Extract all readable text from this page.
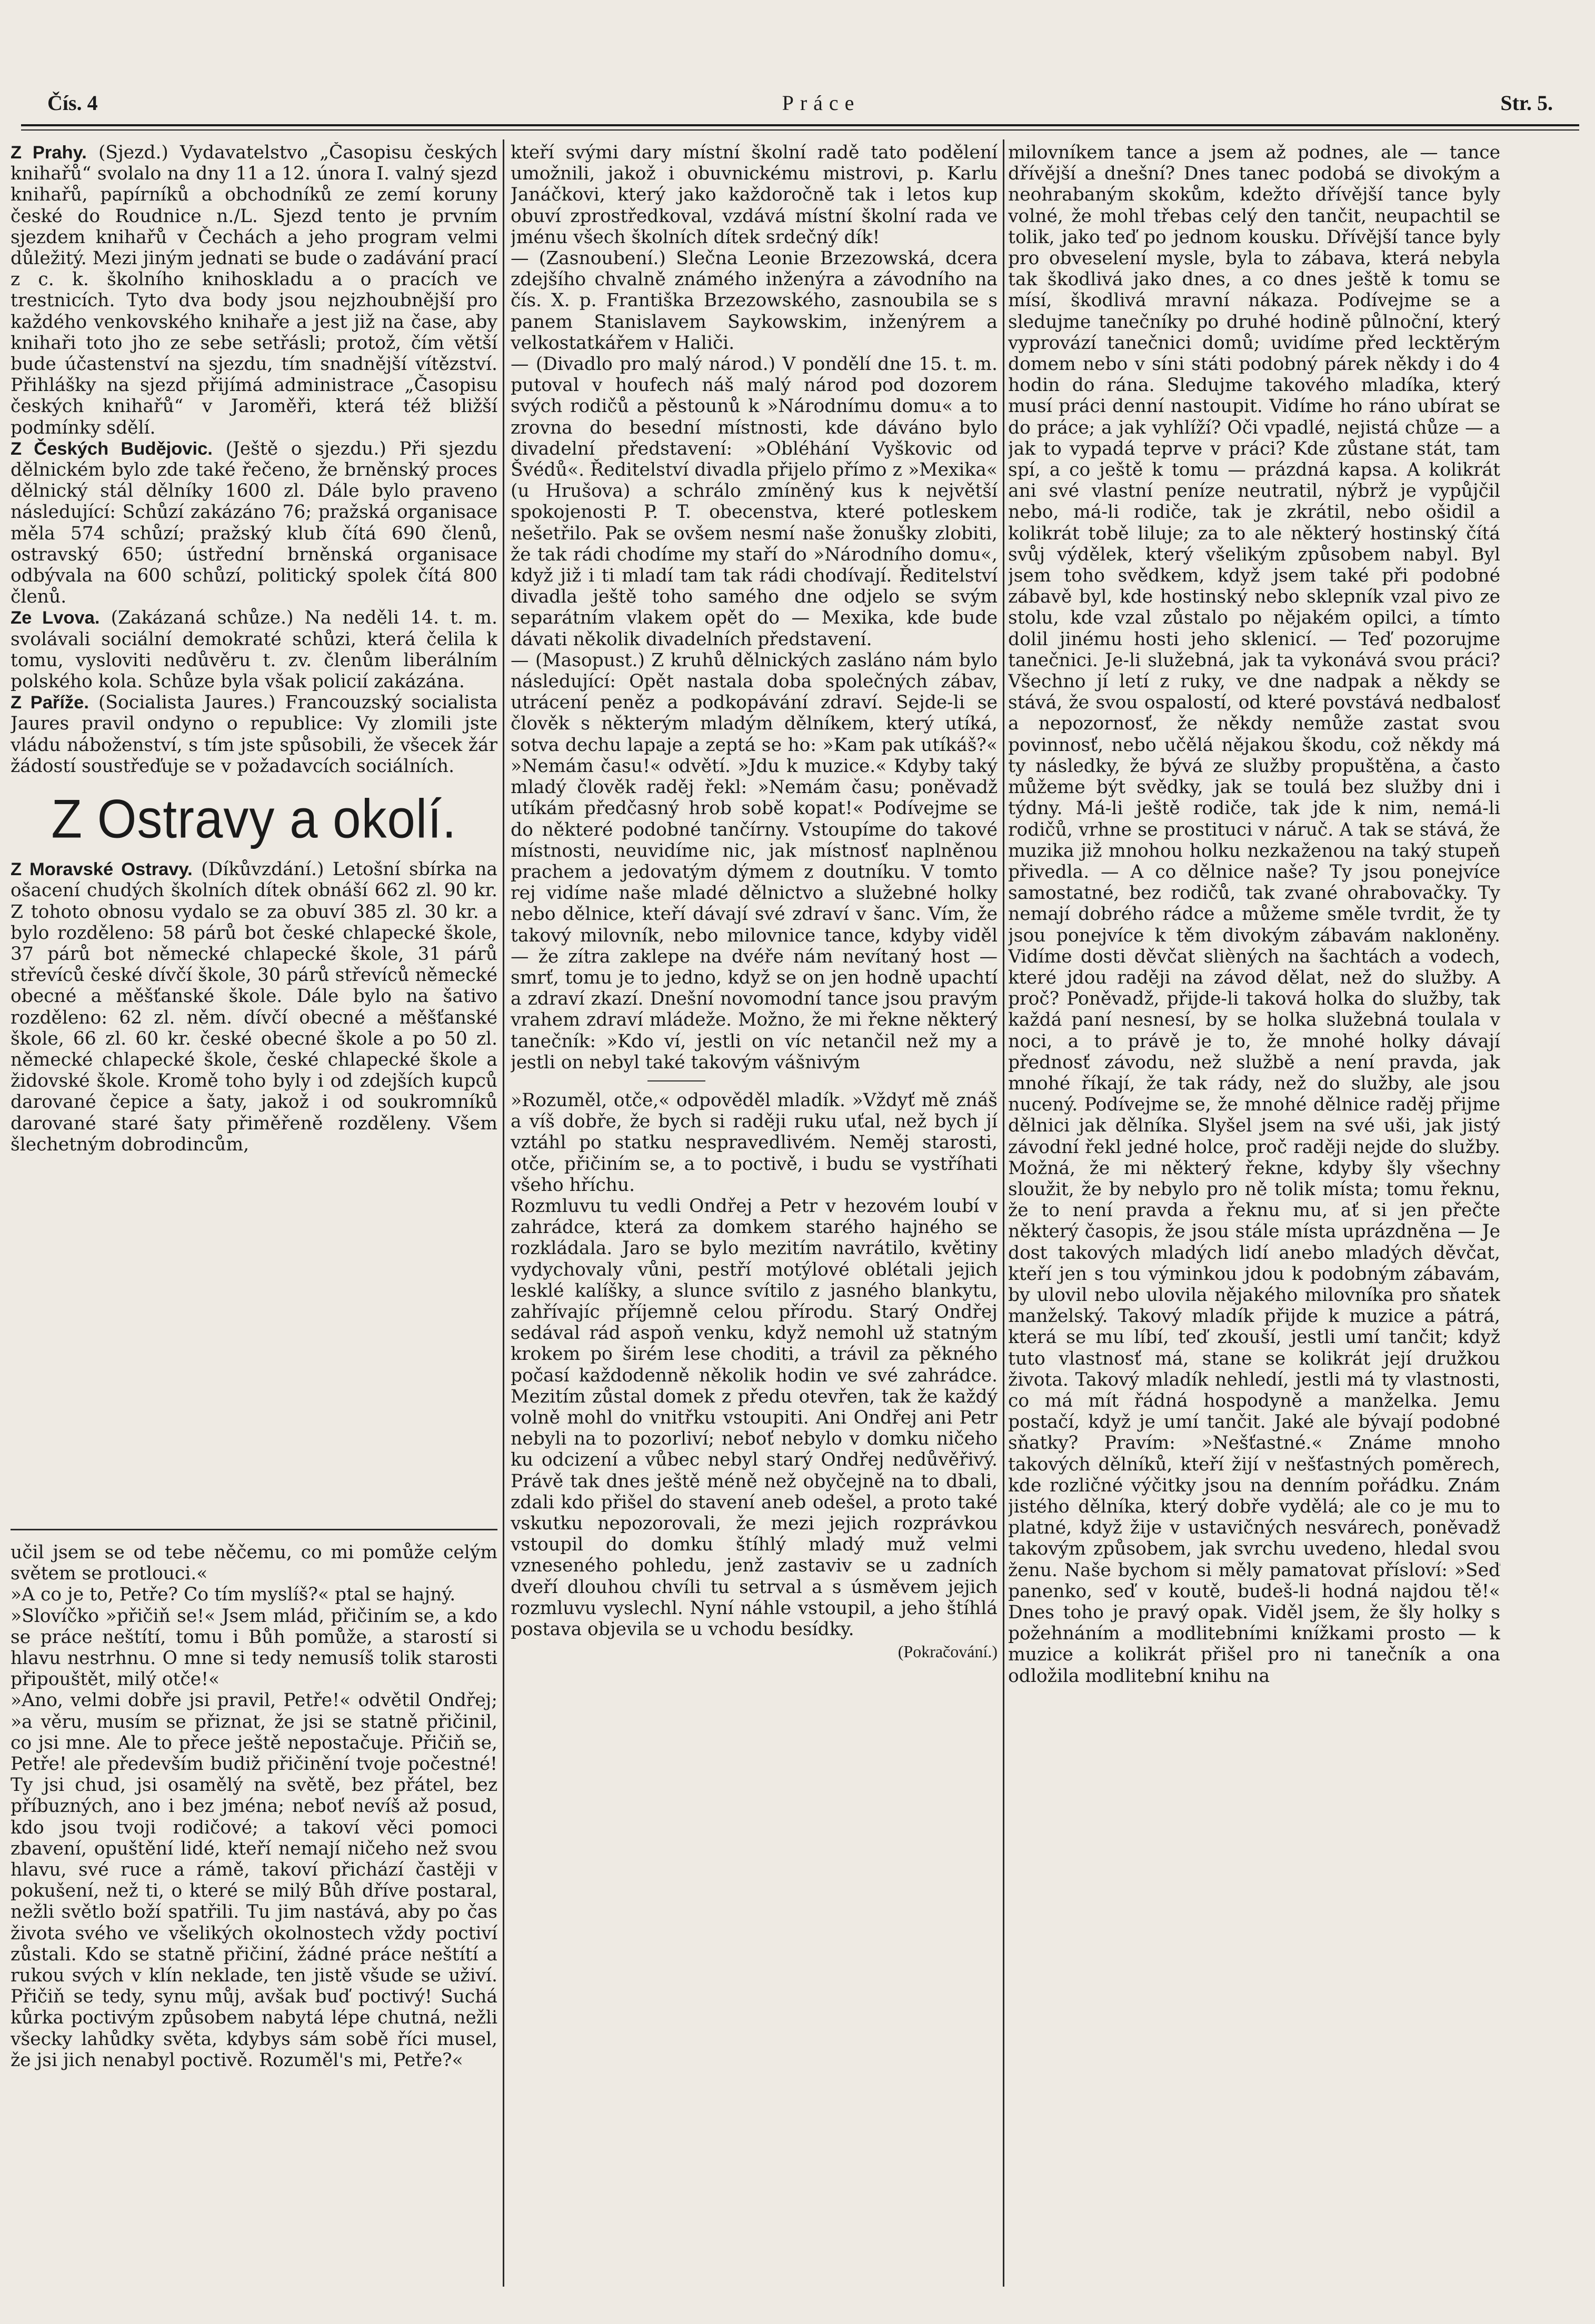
Čís. 4	Práce	Str. 5.

Z Prahy. (Sjezd.) Vydavatelstvo „Časopisu českých knihařů“ svolalo na dny 11 a 12. února I. valný sjezd knihařů, papírníků a obchodníků ze zemí koruny české do Roudnice n./L. Sjezd tento je prvním sjezdem knihařů v Čechách a jeho program velmi důležitý. Mezi jiným jednati se bude o zadávání prací z c. k. školního knihoskladu a o pracích ve trestnicích. Tyto dva body jsou nejzhoubnější pro každého venkovského knihaře a jest již na čase, aby knihaři toto jho ze sebe setřásli; protož, čím větší bude účastenství na sjezdu, tím snadnější vítězství. Přihlášky na sjezd přijímá administrace „Časopisu českých knihařů“ v Jaroměři, která též bližší podmínky sdělí.

Z Českých Budějovic. (Ještě o sjezdu.) Při sjezdu dělnickém bylo zde také řečeno, že brněnský proces dělnický stál dělníky 1600 zl. Dále bylo praveno následující: Schůzí zakázáno 76; pražská organisace měla 574 schůzí; pražský klub čítá 690 členů, ostravský 650; ústřední brněnská organisace odbývala na 600 schůzí, politický spolek čítá 800 členů.

Ze Lvova. (Zakázaná schůze.) Na neděli 14. t. m. svolávali sociální demokraté schůzi, která čelila k tomu, vysloviti nedůvěru t. zv. členům liberálním polského kola. Schůze byla však policií zakázána.

Z Paříže. (Socialista Jaures.) Francouzský socialista Jaures pravil ondyno o republice: Vy zlomili jste vládu náboženství, s tím jste spůsobili, že všecek žár žádostí soustřeďuje se v požadavcích sociálních.

Z Ostravy a okolí.

Z Moravské Ostravy. (Díkůvzdání.) Letošní sbírka na ošacení chudých školních dítek obnáší 662 zl. 90 kr. Z tohoto obnosu vydalo se za obuví 385 zl. 30 kr. a bylo rozděleno: 58 párů bot české chlapecké škole, 37 párů bot německé chlapecké škole, 31 párů střevíců české dívčí škole, 30 párů střevíců německé obecné a měšťanské škole. Dále bylo na šativo rozděleno: 62 zl. něm. dívčí obecné a měšťanské škole, 66 zl. 60 kr. české obecné škole a po 50 zl. německé chlapecké škole, české chlapecké škole a židovské škole. Kromě toho byly i od zdejších kupců darované čepice a šaty, jakož i od soukromníků darované staré šaty přiměřeně rozděleny. Všem šlechetným dobrodincům,

kteří svými dary místní školní radě tato podělení umožnili, jakož i obuvnickému mistrovi, p. Karlu Janáčkovi, který jako každoročně tak i letos kup obuví zprostředkoval, vzdává místní školní rada ve jménu všech školních dítek srdečný dík!

— (Zasnoubení.) Slečna Leonie Brzezowská, dcera zdejšího chvalně známého inženýra a závodního na čís. X. p. Františka Brzezowského, zasnoubila se s panem Stanislavem Saykowskim, inženýrem a velkostatkářem v Haliči.

— (Divadlo pro malý národ.) V pondělí dne 15. t. m. putoval v houfech náš malý národ pod dozorem svých rodičů a pěstounů k »Národnímu domu« a to zrovna do besední místnosti, kde dáváno bylo divadelní představení: »Obléhání Vyškovic od Švédů«. Ředitelství divadla přijelo přímo z »Mexika« (u Hrušova) a schrálo zmíněný kus k největší spokojenosti P. T. obecenstva, které potleskem nešetřilo. Pak se ovšem nesmí naše žonušky zlobiti, že tak rádi chodíme my staří do »Národního domu«, když již i ti mladí tam tak rádi chodívají. Ředitelství divadla ještě toho samého dne odjelo se svým separátním vlakem opět do — Mexika, kde bude dávati několik divadelních představení.

— (Masopust.) Z kruhů dělnických zasláno nám bylo následující: Opět nastala doba společných zábav, utrácení peněz a podkopávání zdraví. Sejde-li se člověk s některým mladým dělníkem, který utíká, sotva dechu lapaje a zeptá se ho: »Kam pak utíkáš?« »Nemám času!« odvětí. »Jdu k muzice.« Kdyby taký mladý člověk raděj řekl: »Nemám času; poněvadž utíkám předčasný hrob sobě kopat!« Podívejme se do některé podobné tančírny. Vstoupíme do takové místnosti, neuvidíme nic, jak místnosť naplněnou prachem a jedovatým dýmem z doutníku. V tomto rej vidíme naše mladé dělnictvo a služebné holky nebo dělnice, kteří dávají své zdraví v šanc. Vím, že takový milovník, nebo milovnice tance, kdyby viděl — že zítra zaklepe na dvéře nám nevítaný host — smrť, tomu je to jedno, když se on jen hodně upachtí a zdraví zkazí. Dnešní novomodní tance jsou pravým vrahem zdraví mládeže. Možno, že mi řekne některý tanečník: »Kdo ví, jestli on víc netančil než my a jestli on nebyl také takovým vášnivým

»Rozuměl, otče,« odpověděl mladík. »Vždyť mě znáš a víš dobře, že bych si raději ruku uťal, než bych jí vztáhl po statku nespravedlivém. Neměj starosti, otče, přičiním se, a to poctivě, i budu se vystříhati všeho hříchu.

Rozmluvu tu vedli Ondřej a Petr v hezovém loubí v zahrádce, která za domkem starého hajného se rozkládala. Jaro se bylo mezitím navrátilo, květiny vydychovaly vůni, pestří motýlové oblétali jejich lesklé kalíšky, a slunce svítilo z jasného blankytu, zahřívajíc příjemně celou přírodu. Starý Ondřej sedával rád aspoň venku, když nemohl už statným krokem po širém lese choditi, a trávil za pěkného počasí každodenně několik hodin ve své zahrádce. Mezitím zůstal domek z předu otevřen, tak že každý volně mohl do vnitřku vstoupiti. Ani Ondřej ani Petr nebyli na to pozorliví; neboť nebylo v domku ničeho ku odcizení a vůbec nebyl starý Ondřej nedůvěřivý. Právě tak dnes ještě méně než obyčejně na to dbali, zdali kdo přišel do stavení aneb odešel, a proto také vskutku nepozorovali, že mezi jejich rozprávkou vstoupil do domku štíhlý mladý muž velmi vzneseného pohledu, jenž zastaviv se u zadních dveří dlouhou chvíli tu setrval a s úsměvem jejich rozmluvu vyslechl. Nyní náhle vstoupil, a jeho štíhlá postava objevila se u vchodu besídky.

(Pokračování.)

milovníkem tance a jsem až podnes, ale — tance dřívější a dnešní? Dnes tanec podobá se divokým a neohrabaným skokům, kdežto dřívější tance byly volné, že mohl třebas celý den tančit, neupachtil se tolik, jako teď po jednom kousku. Dřívější tance byly pro obveselení mysle, byla to zábava, která nebyla tak škodlivá jako dnes, a co dnes ještě k tomu se mísí, škodlivá mravní nákaza. Podívejme se a sledujme tanečníky po druhé hodině půlnoční, který vyprovází tanečnici domů; uvidíme před lecktěrým domem nebo v síni státi podobný párek někdy i do 4 hodin do rána. Sledujme takového mladíka, který musí práci denní nastoupit. Vidíme ho ráno ubírat se do práce; a jak vyhlíží? Oči vpadlé, nejistá chůze — a jak to vypadá teprve v práci? Kde zůstane stát, tam spí, a co ještě k tomu — prázdná kapsa. A kolikrát ani své vlastní peníze neutratil, nýbrž je vypůjčil nebo, má-li rodiče, tak je zkrátil, nebo ošidil a kolikrát tobě liluje; za to ale některý hostinský čítá svůj výdělek, který všelikým způsobem nabyl. Byl jsem toho svědkem, když jsem také při podobné zábavě byl, kde hostinský nebo sklepník vzal pivo ze stolu, kde vzal zůstalo po nějakém opilci, a tímto dolil jinému hosti jeho sklenicí. — Teď pozorujme tanečnici. Je-li služebná, jak ta vykonává svou práci? Všechno jí letí z ruky, ve dne nadpak a někdy se stává, že svou ospalostí, od které povstává nedbalosť a nepozornosť, že někdy nemůže zastat svou povinnosť, nebo učělá nějakou škodu, což někdy má ty následky, že bývá ze služby propuštěna, a často můžeme být svědky, jak se toulá bez služby dni i týdny. Má-li ještě rodiče, tak jde k nim, nemá-li rodičů, vrhne se prostituci v náruč. A tak se stává, že muzika již mnohou holku nezkaženou na taký stupeň přivedla. — A co dělnice naše? Ty jsou ponejvíce samostatné, bez rodičů, tak zvané ohrabovačky. Ty nemají dobrého rádce a můžeme směle tvrdit, že ty jsou ponejvíce k těm divokým zábavám nakloněny. Vidíme dosti děvčat slièných na šachtách a vodech, které jdou raději na závod dělat, než do služby. A proč? Poněvadž, přijde-li taková holka do služby, tak každá paní nesnesí, by se holka služebná toulala v noci, a to právě je to, že mnohé holky dávají přednosť závodu, než službě a není pravda, jak mnohé říkají, že tak rády, než do služby, ale jsou nucený. Podívejme se, že mnohé dělnice raděj přijme dělnici jak dělníka. Slyšel jsem na své uši, jak jistý závodní řekl jedné holce, proč raději nejde do služby. Možná, že mi některý řekne, kdyby šly všechny sloužit, že by nebylo pro ně tolik místa; tomu řeknu, že to není pravda a řeknu mu, ať si jen přečte některý časopis, že jsou stále místa uprázdněna — Je dost takových mladých lidí anebo mladých děvčat, kteří jen s tou výminkou jdou k podobným zábavám, by ulovil nebo ulovila nějakého milovníka pro sňatek manželský. Takový mladík přijde k muzice a pátrá, která se mu líbí, teď zkouší, jestli umí tančit; když tuto vlastnosť má, stane se kolikrát její družkou života. Takový mladík nehledí, jestli má ty vlastnosti, co má mít řádná hospodyně a manželka. Jemu postačí, když je umí tančit. Jaké ale bývají podobné sňatky? Pravím: »Nešťastné.« Známe mnoho takových dělníků, kteří žijí v nešťastných poměrech, kde rozličné výčitky jsou na denním pořádku. Znám jistého dělníka, který dobře vydělá; ale co je mu to platné, když žije v ustavičných nesvárech, poněvadž takovým způsobem, jak svrchu uvedeno, hledal svou ženu. Naše bychom si měly pamatovat přísloví: »Seď panenko, seď v koutě, budeš-li hodná najdou tě!« Dnes toho je pravý opak. Viděl jsem, že šly holky s požehnáním a modlitebními knížkami prosto — k muzice a kolikrát přišel pro ni tanečník a ona odložila modlitební knihu na

učil jsem se od tebe něčemu, co mi pomůže celým světem se protlouci.«

»A co je to, Petře? Co tím myslíš?« ptal se hajný.

»Slovíčko »přičiň se!« Jsem mlád, přičiním se, a kdo se práce neštítí, tomu i Bůh pomůže, a starostí si hlavu nestrhnu. O mne si tedy nemusíš tolik starosti připouštět, milý otče!«

»Ano, velmi dobře jsi pravil, Petře!« odvětil Ondřej; »a věru, musím se přiznat, že jsi se statně přičinil, co jsi mne. Ale to přece ještě nepostačuje. Přičiň se, Petře! ale především budiž přičinění tvoje počestné! Ty jsi chud, jsi osamělý na světě, bez přátel, bez příbuzných, ano i bez jména; neboť nevíš až posud, kdo jsou tvoji rodičové; a takoví věci pomoci zbavení, opuštění lidé, kteří nemají ničeho než svou hlavu, své ruce a rámě, takoví přichází častěji v pokušení, než ti, o které se milý Bůh dříve postaral, nežli světlo boží spatřili. Tu jim nastává, aby po čas života svého ve všelikých okolnostech vždy poctiví zůstali. Kdo se statně přičiní, žádné práce neštítí a rukou svých v klín neklade, ten jistě všude se uživí. Přičiň se tedy, synu můj, avšak buď poctivý! Suchá kůrka poctivým způsobem nabytá lépe chutná, nežli všecky lahůdky světa, kdybys sám sobě říci musel, že jsi jich nenabyl poctivě. Rozuměl's mi, Petře?«
